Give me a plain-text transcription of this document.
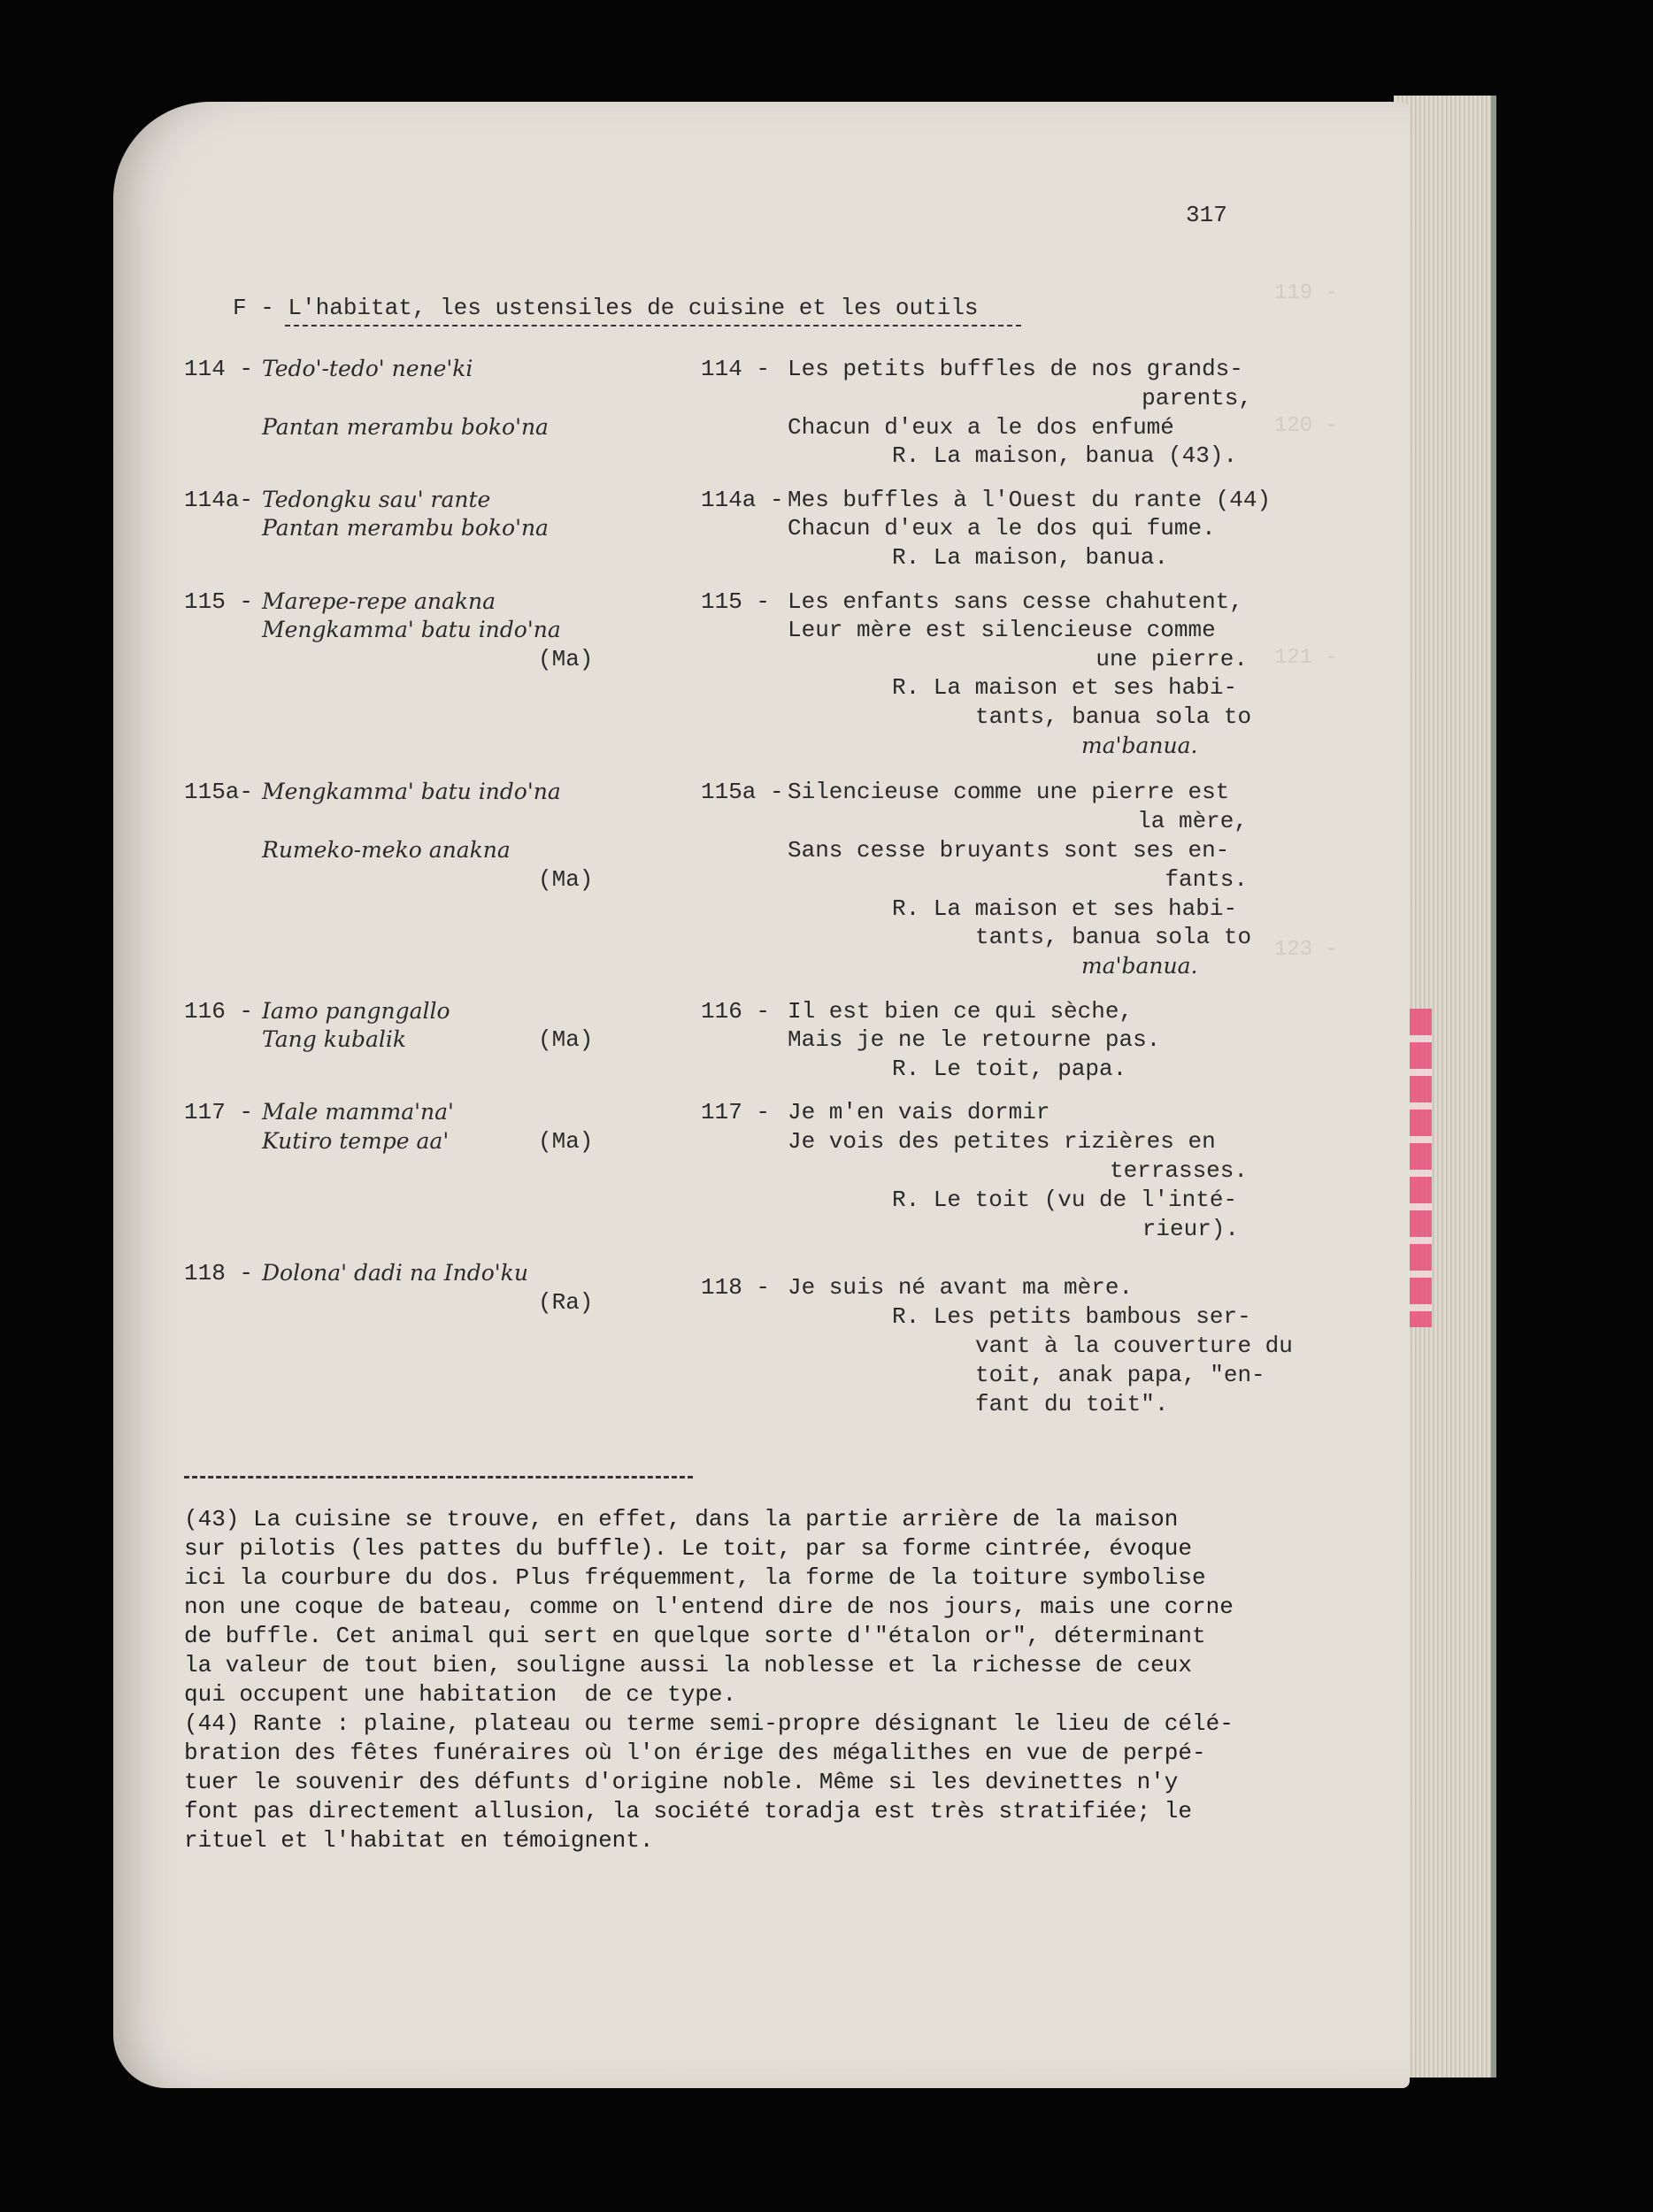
119 -
120 -
121 -
123 -
317
F - L'habitat, les ustensiles de cuisine et les outils
114 - Tedo'-tedo' nene'ki
Pantan merambu boko'na
114 - Les petits buffles de nos grands-
parents,
Chacun d'eux a le dos enfumé
R. La maison, banua (43).
114a- Tedongku sau' rante
Pantan merambu boko'na
114a - Mes buffles à l'Ouest du rante (44)
Chacun d'eux a le dos qui fume.
R. La maison, banua.
115 - Marepe-repe anakna
Mengkamma' batu indo'na
(Ma)
115 - Les enfants sans cesse chahutent,
Leur mère est silencieuse comme
une pierre.
R. La maison et ses habi-
tants, banua sola to
ma'banua.
115a- Mengkamma' batu indo'na
Rumeko-meko anakna
(Ma)
115a - Silencieuse comme une pierre est
la mère,
Sans cesse bruyants sont ses en-
fants.
R. La maison et ses habi-
tants, banua sola to
ma'banua.
116 - Iamo pangngallo
Tang kubalik	(Ma)
116 - Il est bien ce qui sèche,
Mais je ne le retourne pas.
R. Le toit, papa.
117 - Male mamma'na'
Kutiro tempe aa'	(Ma)
117 - Je m'en vais dormir
Je vois des petites rizières en
terrasses.
R. Le toit (vu de l'inté-
rieur).
118 - Dolona' dadi na Indo'ku
(Ra)
118 - Je suis né avant ma mère.
R. Les petits bambous ser-
vant à la couverture du
toit, anak papa, "en-
fant du toit".
(43) La cuisine se trouve, en effet, dans la partie arrière de la maison
sur pilotis (les pattes du buffle). Le toit, par sa forme cintrée, évoque
ici la courbure du dos. Plus fréquemment, la forme de la toiture symbolise
non une coque de bateau, comme on l'entend dire de nos jours, mais une corne
de buffle. Cet animal qui sert en quelque sorte d'"étalon or", déterminant
la valeur de tout bien, souligne aussi la noblesse et la richesse de ceux
qui occupent une habitation  de ce type.
(44) Rante : plaine, plateau ou terme semi-propre désignant le lieu de célé-
bration des fêtes funéraires où l'on érige des mégalithes en vue de perpé-
tuer le souvenir des défunts d'origine noble. Même si les devinettes n'y
font pas directement allusion, la société toradja est très stratifiée; le
rituel et l'habitat en témoignent.
